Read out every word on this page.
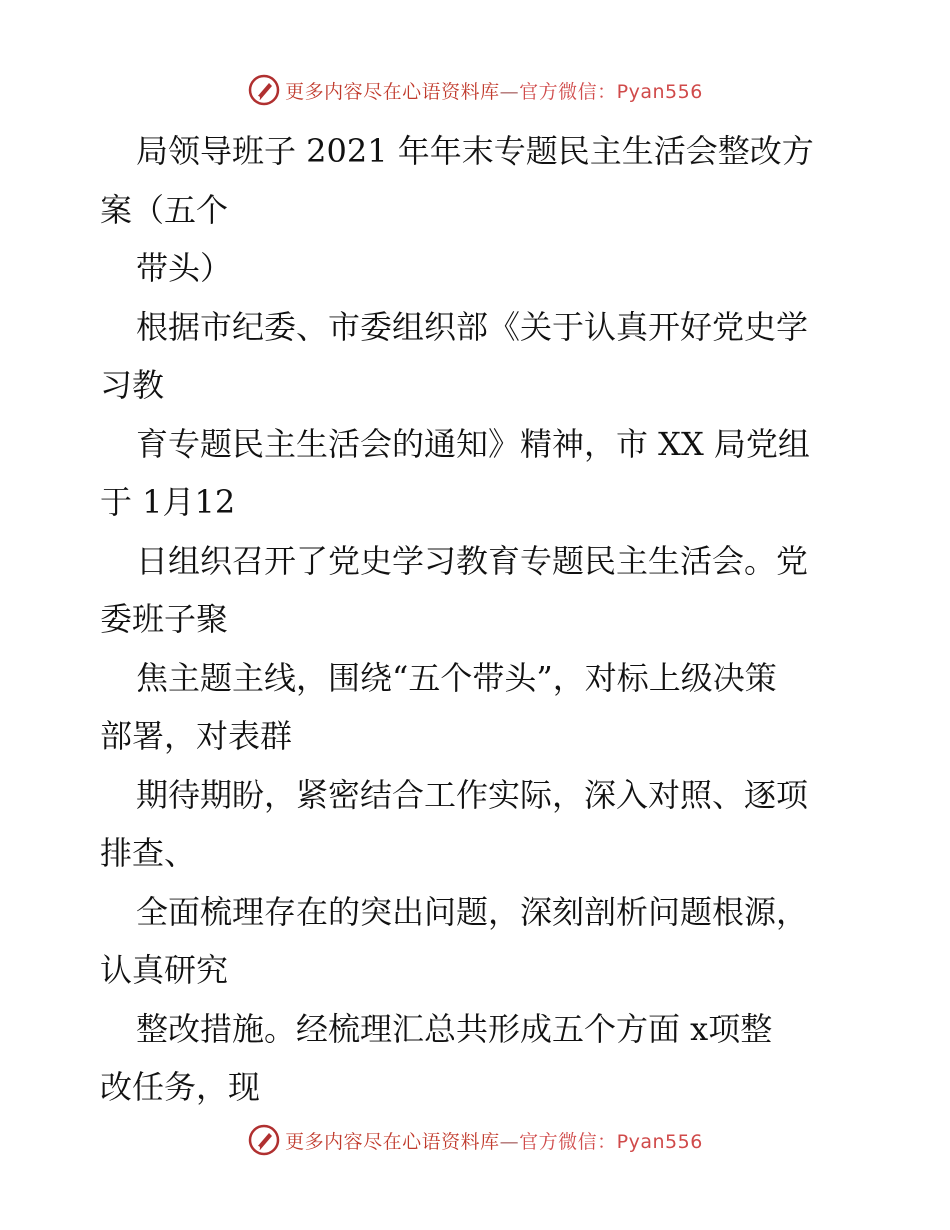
更多内容尽在心语资料库—官方微信：Pyan556
局领导班子 2021 年年末专题民主生活会整改方
案（五个
带头）
根据市纪委、市委组织部《关于认真开好党史学
习教
育专题民主生活会的通知》精神，市 XX 局党组
于 1月12
日组织召开了党史学习教育专题民主生活会。党
委班子聚
焦主题主线，围绕“五个带头”，对标上级决策
部署，对表群
期待期盼，紧密结合工作实际，深入对照、逐项
排查、
全面梳理存在的突出问题，深刻剖析问题根源，
认真研究
整改措施。经梳理汇总共形成五个方面 x项整
改任务，现
更多内容尽在心语资料库—官方微信：Pyan556
